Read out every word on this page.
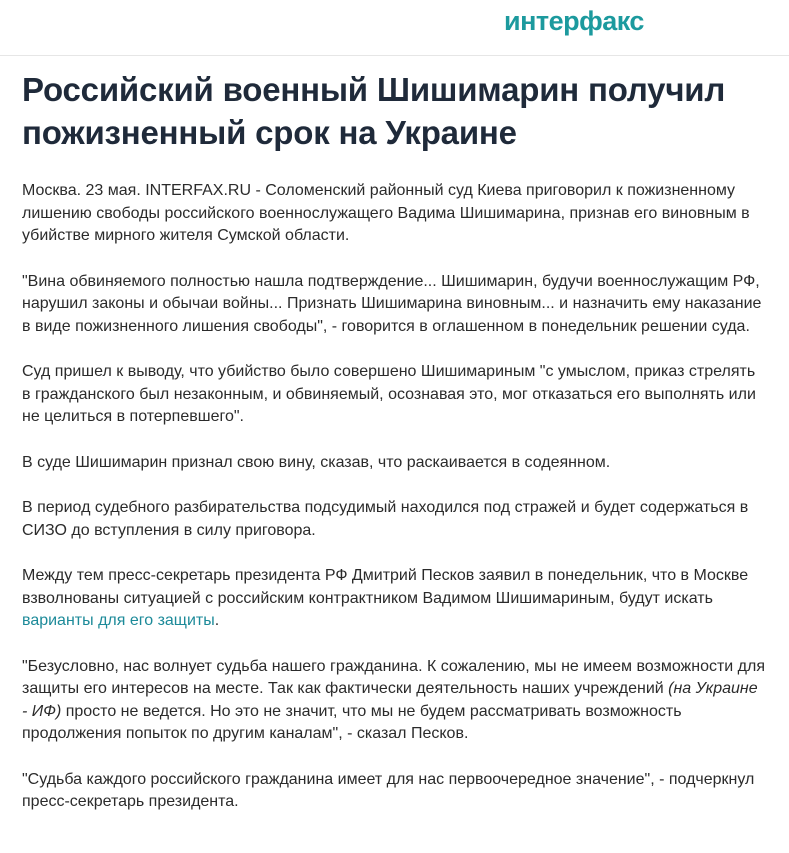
интерфакс
Российский военный Шишимарин получил пожизненный срок на Украине

Москва. 23 мая. INTERFAX.RU - Соломенский районный суд Киева приговорил к пожизненному лишению свободы российского военнослужащего Вадима Шишимарина, признав его виновным в убийстве мирного жителя Сумской области.

"Вина обвиняемого полностью нашла подтверждение... Шишимарин, будучи военнослужащим РФ, нарушил законы и обычаи войны... Признать Шишимарина виновным... и назначить ему наказание в виде пожизненного лишения свободы", - говорится в оглашенном в понедельник решении суда.

Суд пришел к выводу, что убийство было совершено Шишимариным "с умыслом, приказ стрелять в гражданского был незаконным, и обвиняемый, осознавая это, мог отказаться его выполнять или не целиться в потерпевшего".

В суде Шишимарин признал свою вину, сказав, что раскаивается в содеянном.

В период судебного разбирательства подсудимый находился под стражей и будет содержаться в СИЗО до вступления в силу приговора.

Между тем пресс-секретарь президента РФ Дмитрий Песков заявил в понедельник, что в Москве взволнованы ситуацией с российским контрактником Вадимом Шишимариным, будут искать варианты для его защиты.

"Безусловно, нас волнует судьба нашего гражданина. К сожалению, мы не имеем возможности для защиты его интересов на месте. Так как фактически деятельность наших учреждений (на Украине - ИФ) просто не ведется. Но это не значит, что мы не будем рассматривать возможность продолжения попыток по другим каналам", - сказал Песков.

"Судьба каждого российского гражданина имеет для нас первоочередное значение", - подчеркнул пресс-секретарь президента.
